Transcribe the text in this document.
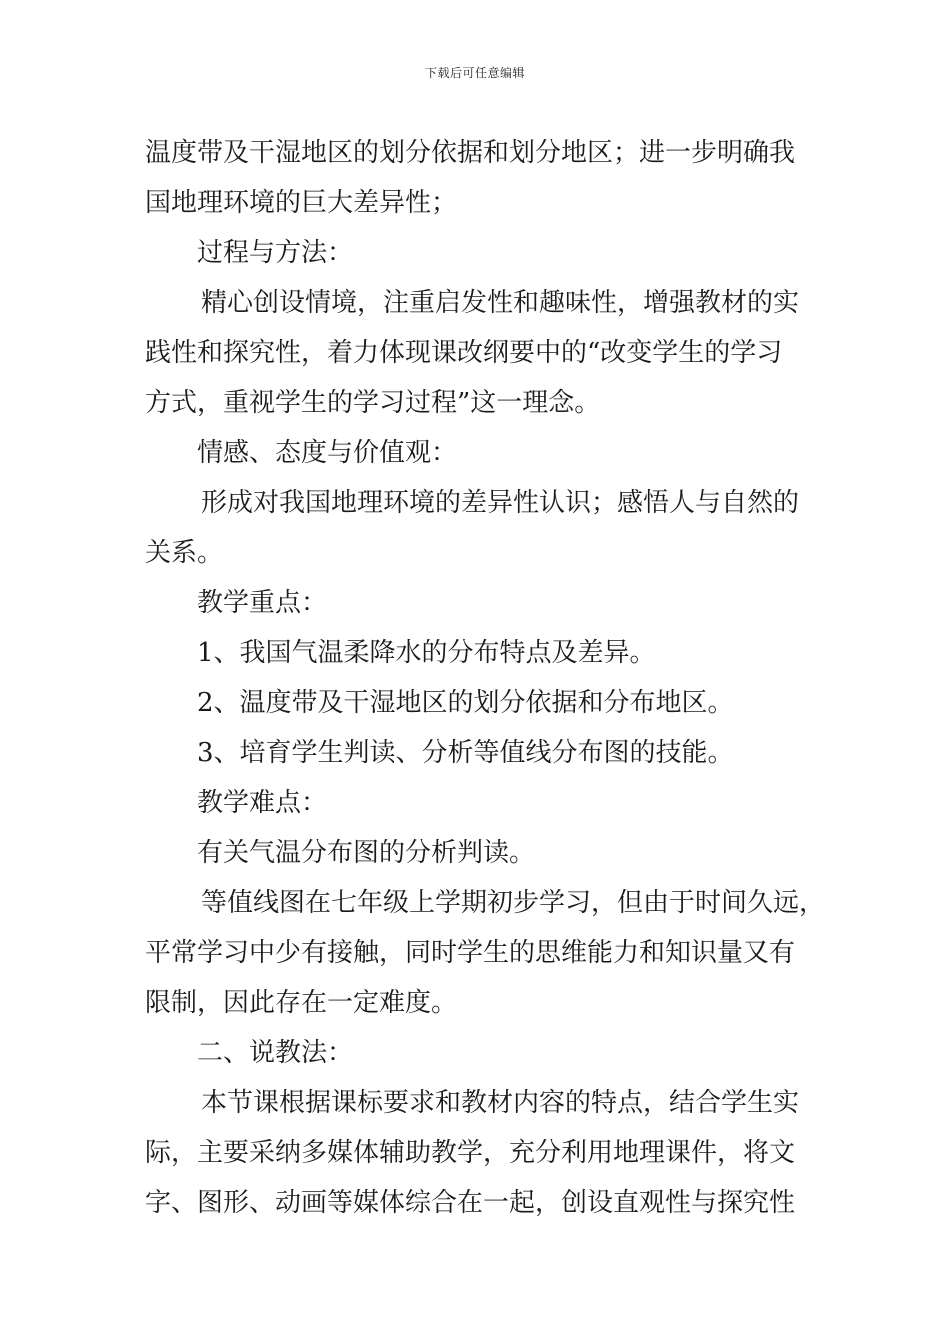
下载后可任意编辑
温度带及干湿地区的划分依据和划分地区；进一步明确我
国地理环境的巨大差异性；
过程与方法：
精心创设情境，注重启发性和趣味性，增强教材的实
践性和探究性，着力体现课改纲要中的“改变学生的学习
方式，重视学生的学习过程”这一理念。
情感、态度与价值观：
形成对我国地理环境的差异性认识；感悟人与自然的
关系。
教学重点：
1、我国气温柔降水的分布特点及差异。
2、温度带及干湿地区的划分依据和分布地区。
3、培育学生判读、分析等值线分布图的技能。
教学难点：
有关气温分布图的分析判读。
等值线图在七年级上学期初步学习，但由于时间久远，
平常学习中少有接触，同时学生的思维能力和知识量又有
限制，因此存在一定难度。
二、说教法：
本节课根据课标要求和教材内容的特点，结合学生实
际，主要采纳多媒体辅助教学，充分利用地理课件，将文
字、图形、动画等媒体综合在一起，创设直观性与探究性
